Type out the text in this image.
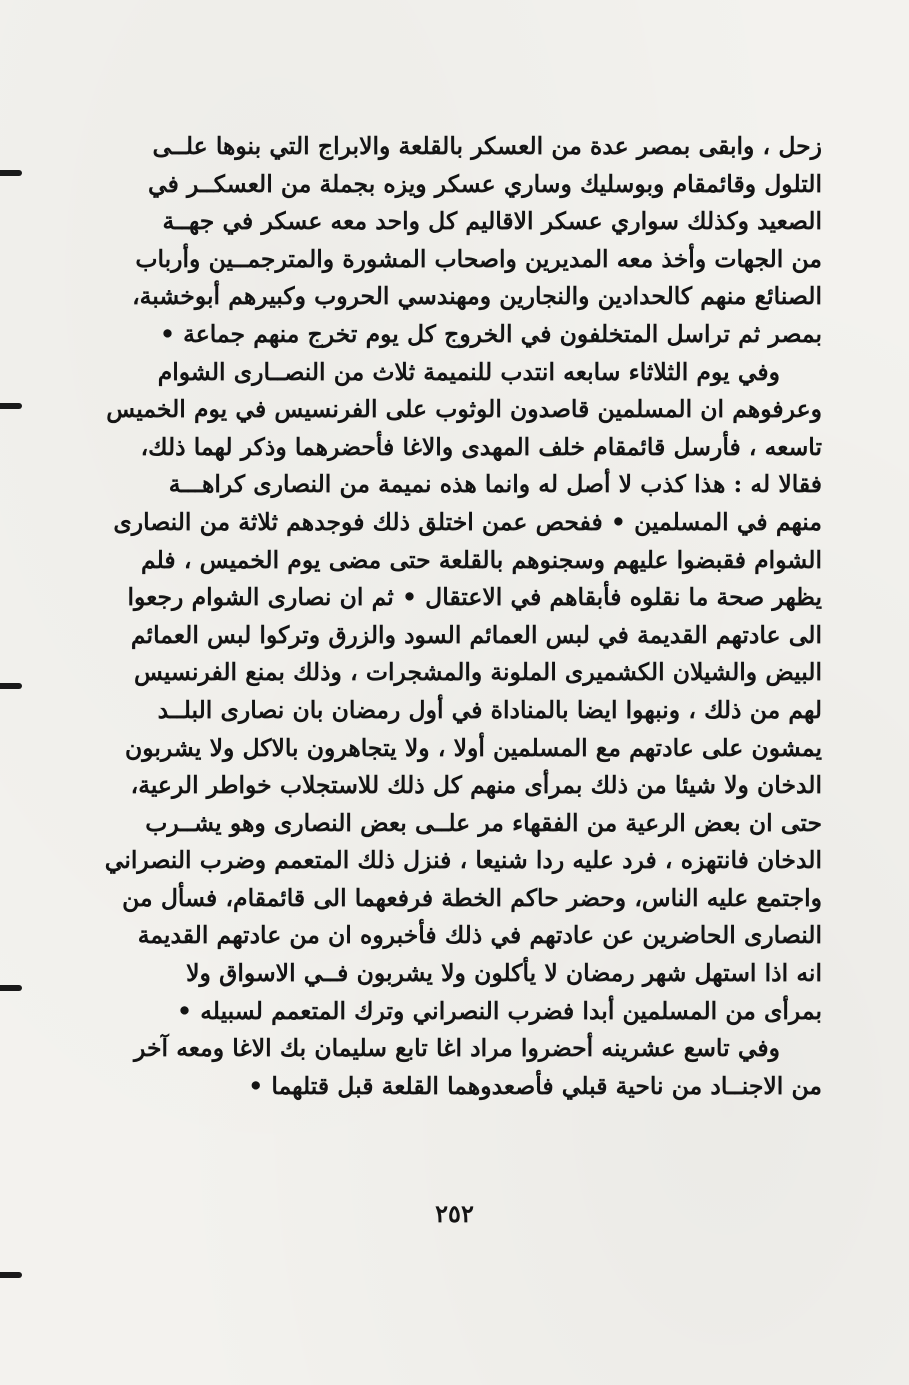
زحل ، وابقى بمصر عدة من العسكر بالقلعة والابراج التي بنوها علــى
التلول وقائمقام وبوسليك وساري عسكر ويزه بجملة من العسكــر في
الصعيد وكذلك سواري عسكر الاقاليم كل واحد معه عسكر في جهــة
من الجهات وأخذ معه المديرين واصحاب المشورة والمترجمــين وأرباب
الصنائع منهم كالحدادين والنجارين ومهندسي الحروب وكبيرهم أبوخشبة،
بمصر ثم تراسل المتخلفون في الخروج كل يوم تخرج منهم جماعة •
وفي يوم الثلاثاء سابعه انتدب للنميمة ثلاث من النصــارى الشوام
وعرفوهم ان المسلمين قاصدون الوثوب على الفرنسيس في يوم الخميس
تاسعه ، فأرسل قائمقام خلف المهدى والاغا فأحضرهما وذكر لهما ذلك،
فقالا له : هذا كذب لا أصل له وانما هذه نميمة من النصارى كراهـــة
منهم في المسلمين • ففحص عمن اختلق ذلك فوجدهم ثلاثة من النصارى
الشوام فقبضوا عليهم وسجنوهم بالقلعة حتى مضى يوم الخميس ، فلم
يظهر صحة ما نقلوه فأبقاهم في الاعتقال • ثم ان نصارى الشوام رجعوا
الى عادتهم القديمة في لبس العمائم السود والزرق وتركوا لبس العمائم
البيض والشيلان الكشميرى الملونة والمشجرات ، وذلك بمنع الفرنسيس
لهم من ذلك ، ونبهوا ايضا بالمناداة في أول رمضان بان نصارى البلــد
يمشون على عادتهم مع المسلمين أولا ، ولا يتجاهرون بالاكل ولا يشربون
الدخان ولا شيئا من ذلك بمرأى منهم كل ذلك للاستجلاب خواطر الرعية،
حتى ان بعض الرعية من الفقهاء مر علــى بعض النصارى وهو يشــرب
الدخان فانتهزه ، فرد عليه ردا شنيعا ، فنزل ذلك المتعمم وضرب النصراني
واجتمع عليه الناس، وحضر حاكم الخطة فرفعهما الى قائمقام، فسأل من
النصارى الحاضرين عن عادتهم في ذلك فأخبروه ان من عادتهم القديمة
انه اذا استهل شهر رمضان لا يأكلون ولا يشربون فــي الاسواق ولا
بمرأى من المسلمين أبدا فضرب النصراني وترك المتعمم لسبيله •
وفي تاسع عشرينه أحضروا مراد اغا تابع سليمان بك الاغا ومعه آخر
من الاجنــاد من ناحية قبلي فأصعدوهما القلعة قبل قتلهما •
٢٥٢
